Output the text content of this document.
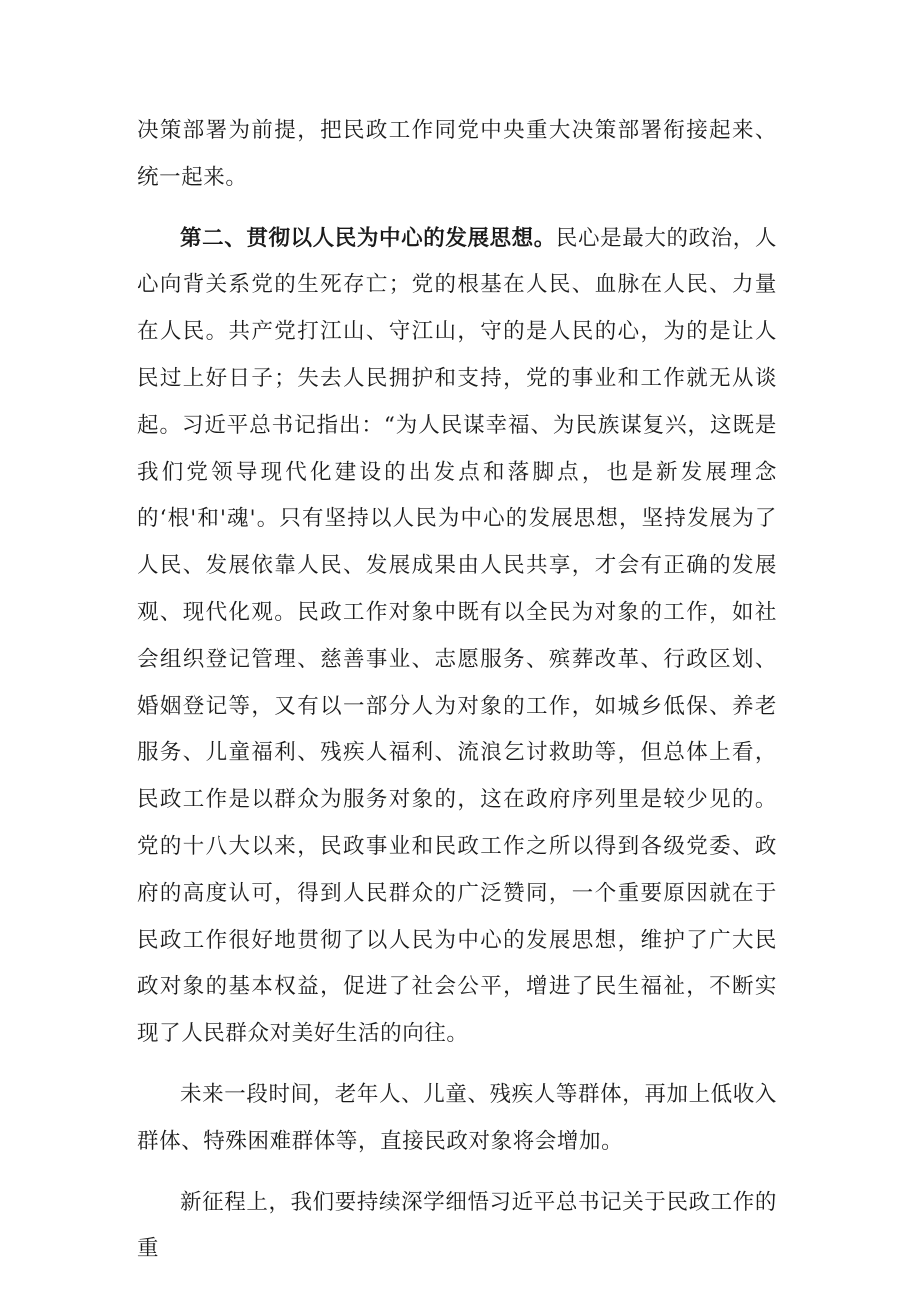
决策部署为前提，把民政工作同党中央重大决策部署衔接起来、统一起来。

第二、贯彻以人民为中心的发展思想。民心是最大的政治，人心向背关系党的生死存亡；党的根基在人民、血脉在人民、力量在人民。共产党打江山、守江山，守的是人民的心，为的是让人民过上好日子；失去人民拥护和支持，党的事业和工作就无从谈起。习近平总书记指出：“为人民谋幸福、为民族谋复兴，这既是我们党领导现代化建设的出发点和落脚点，也是新发展理念的‘根'和'魂'。只有坚持以人民为中心的发展思想，坚持发展为了人民、发展依靠人民、发展成果由人民共享，才会有正确的发展观、现代化观。民政工作对象中既有以全民为对象的工作，如社会组织登记管理、慈善事业、志愿服务、殡葬改革、行政区划、婚姻登记等，又有以一部分人为对象的工作，如城乡低保、养老服务、儿童福利、残疾人福利、流浪乞讨救助等，但总体上看，民政工作是以群众为服务对象的，这在政府序列里是较少见的。党的十八大以来，民政事业和民政工作之所以得到各级党委、政府的高度认可，得到人民群众的广泛赞同，一个重要原因就在于民政工作很好地贯彻了以人民为中心的发展思想，维护了广大民政对象的基本权益，促进了社会公平，增进了民生福祉，不断实现了人民群众对美好生活的向往。

未来一段时间，老年人、儿童、残疾人等群体，再加上低收入群体、特殊困难群体等，直接民政对象将会增加。

新征程上，我们要持续深学细悟习近平总书记关于民政工作的重
